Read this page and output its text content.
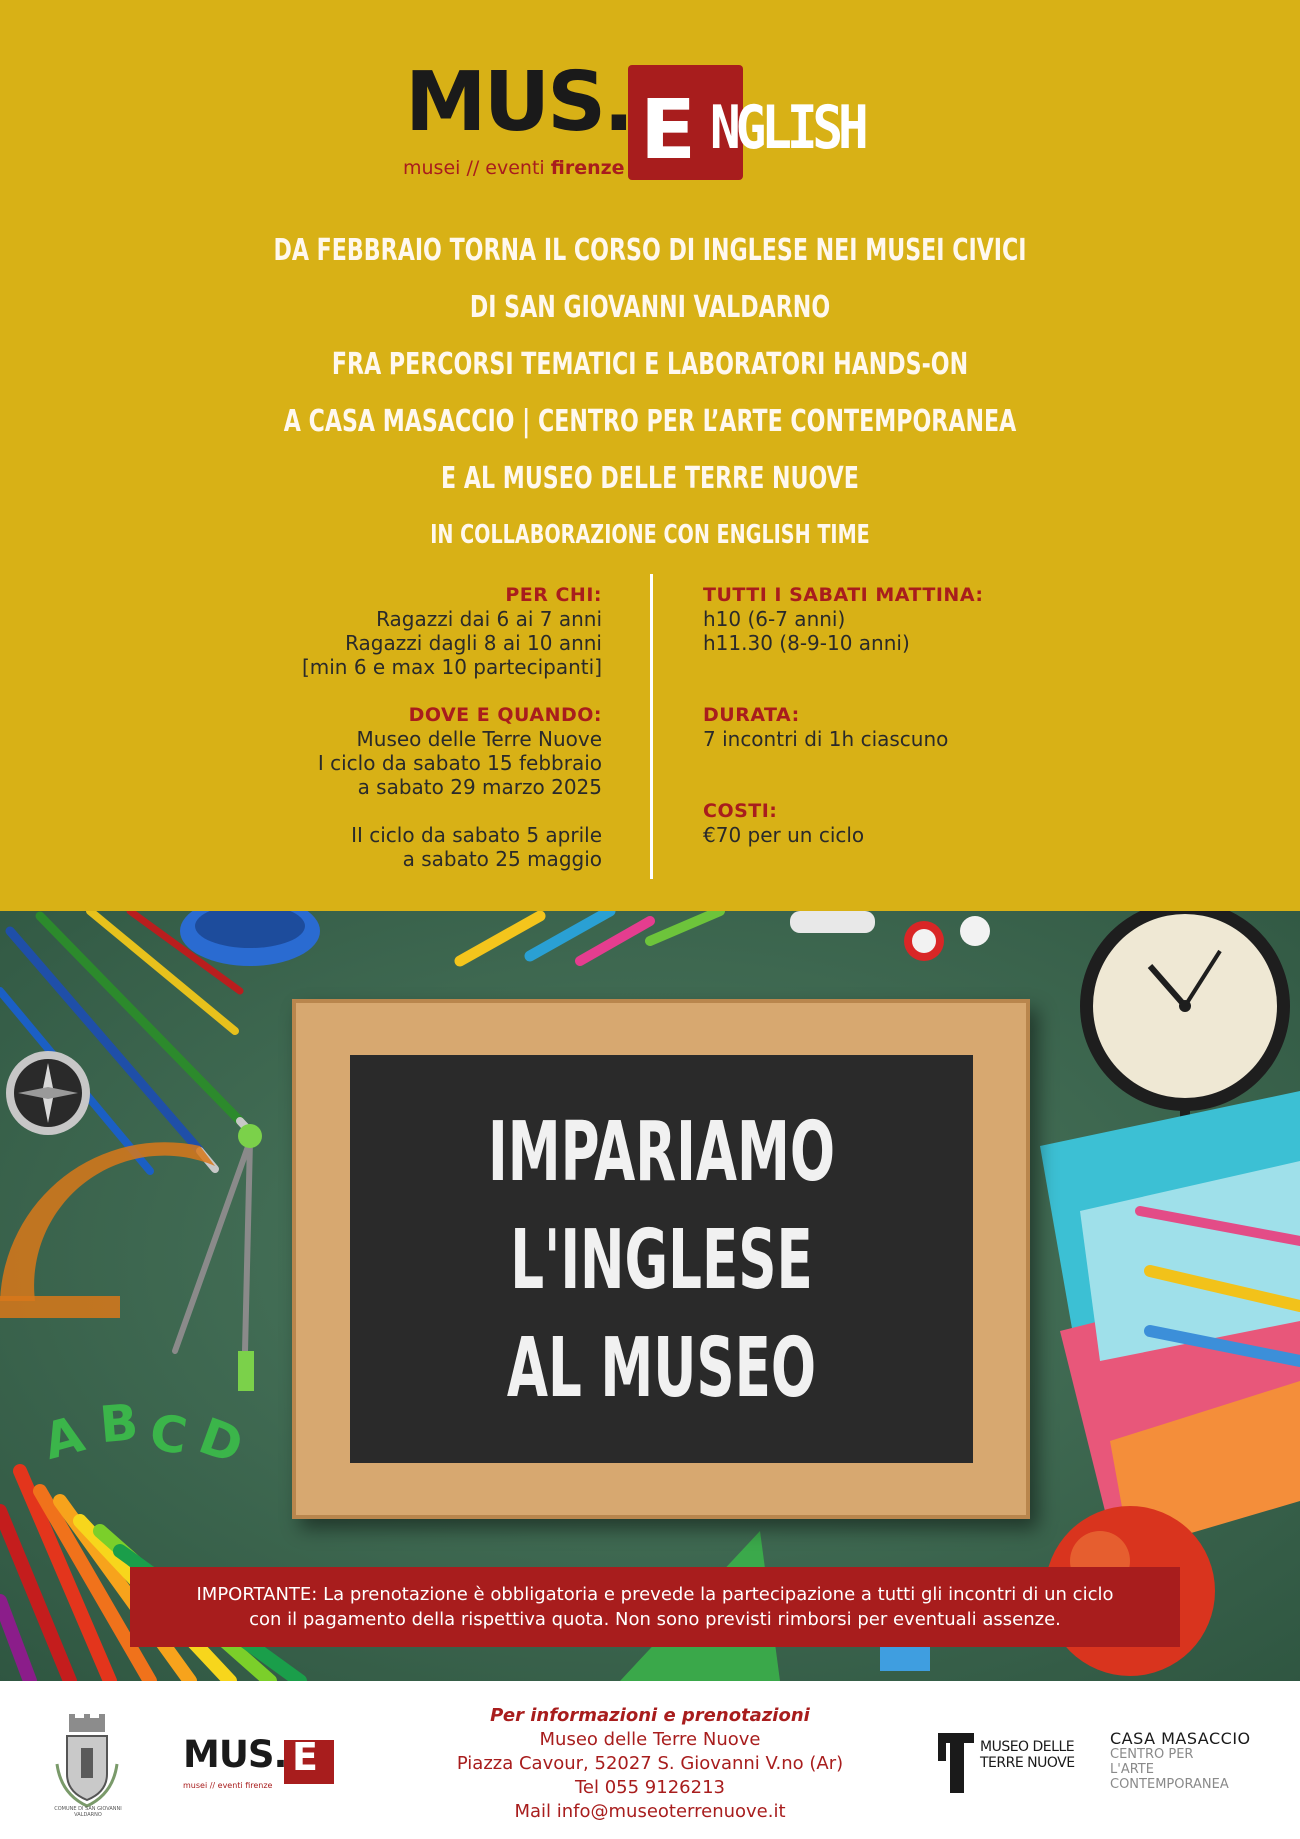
MUS.
musei // eventi firenze E NGLISH
DA FEBBRAIO TORNA IL CORSO DI INGLESE NEI MUSEI CIVICI
DI SAN GIOVANNI VALDARNO
FRA PERCORSI TEMATICI E LABORATORI HANDS-ON
A CASA MASACCIO | CENTRO PER L’ARTE CONTEMPORANEA
E AL MUSEO DELLE TERRE NUOVE
IN COLLABORAZIONE CON ENGLISH TIME
PER CHI:
Ragazzi dai 6 ai 7 anni
Ragazzi dagli 8 ai 10 anni
[min 6 e max 10 partecipanti]
DOVE E QUANDO:
Museo delle Terre Nuove
I ciclo da sabato 15 febbraio
a sabato 29 marzo 2025
II ciclo da sabato 5 aprile
a sabato 25 maggio
TUTTI I SABATI MATTINA:
h10 (6-7 anni)
h11.30 (8-9-10 anni)
DURATA:
7 incontri di 1h ciascuno
COSTI:
€70 per un ciclo
A B C D
IMPARIAMO
L'INGLESE
AL MUSEO
IMPORTANTE: La prenotazione è obbligatoria e prevede la partecipazione a tutti gli incontri di un ciclo
con il pagamento della rispettiva quota. Non sono previsti rimborsi per eventuali assenze.
COMUNE DI SAN GIOVANNI VALDARNO
MUS. E
musei // eventi firenze
Per informazioni e prenotazioni
Museo delle Terre Nuove
Piazza Cavour, 52027 S. Giovanni V.no (Ar)
Tel 055 9126213
Mail info@museoterrenuove.it
MUSEO DELLE
TERRE NUOVE
CASA MASACCIO
CENTRO PER
L'ARTE
CONTEMPORANEA
